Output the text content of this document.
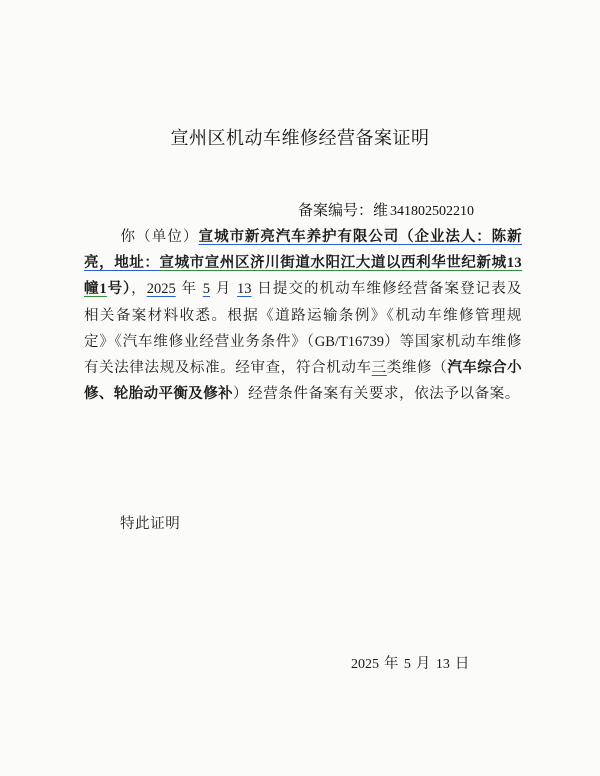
宣州区机动车维修经营备案证明
备案编号：维 341802502210
你（单位）宣城市新亮汽车养护有限公司（企业法人：陈新亮，地址：宣城市宣州区济川街道水阳江大道以西利华世纪新城13幢1号），2025 年 5 月 13 日提交的机动车维修经营备案登记表及相关备案材料收悉。根据《道路运输条例》《机动车维修管理规定》《汽车维修业经营业务条件》（GB/T16739）等国家机动车维修有关法律法规及标准。经审查，符合机动车三类维修（汽车综合小修、轮胎动平衡及修补）经营条件备案有关要求，依法予以备案。
特此证明
2025 年 5 月 13 日
